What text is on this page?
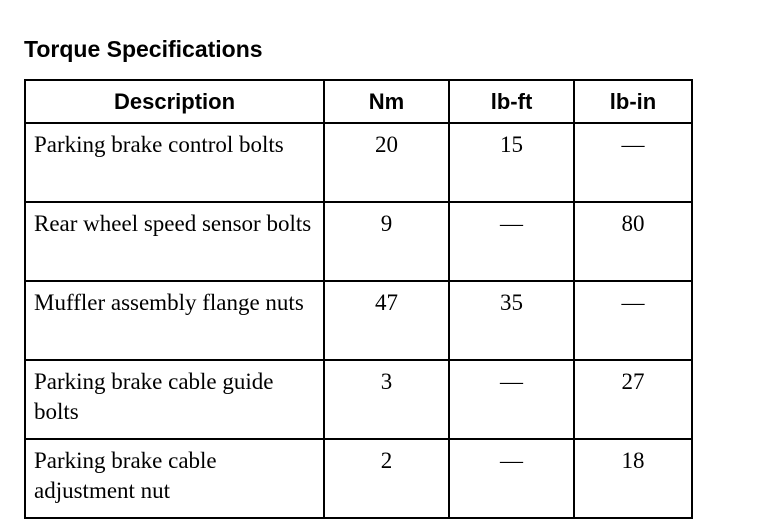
Torque Specifications
Description	Nm	lb-ft	lb-in
Parking brake control bolts	20	15	—
Rear wheel speed sensor bolts	9	—	80
Muffler assembly flange nuts	47	35	—
Parking brake cable guide bolts	3	—	27
Parking brake cable adjustment nut	2	—	18
